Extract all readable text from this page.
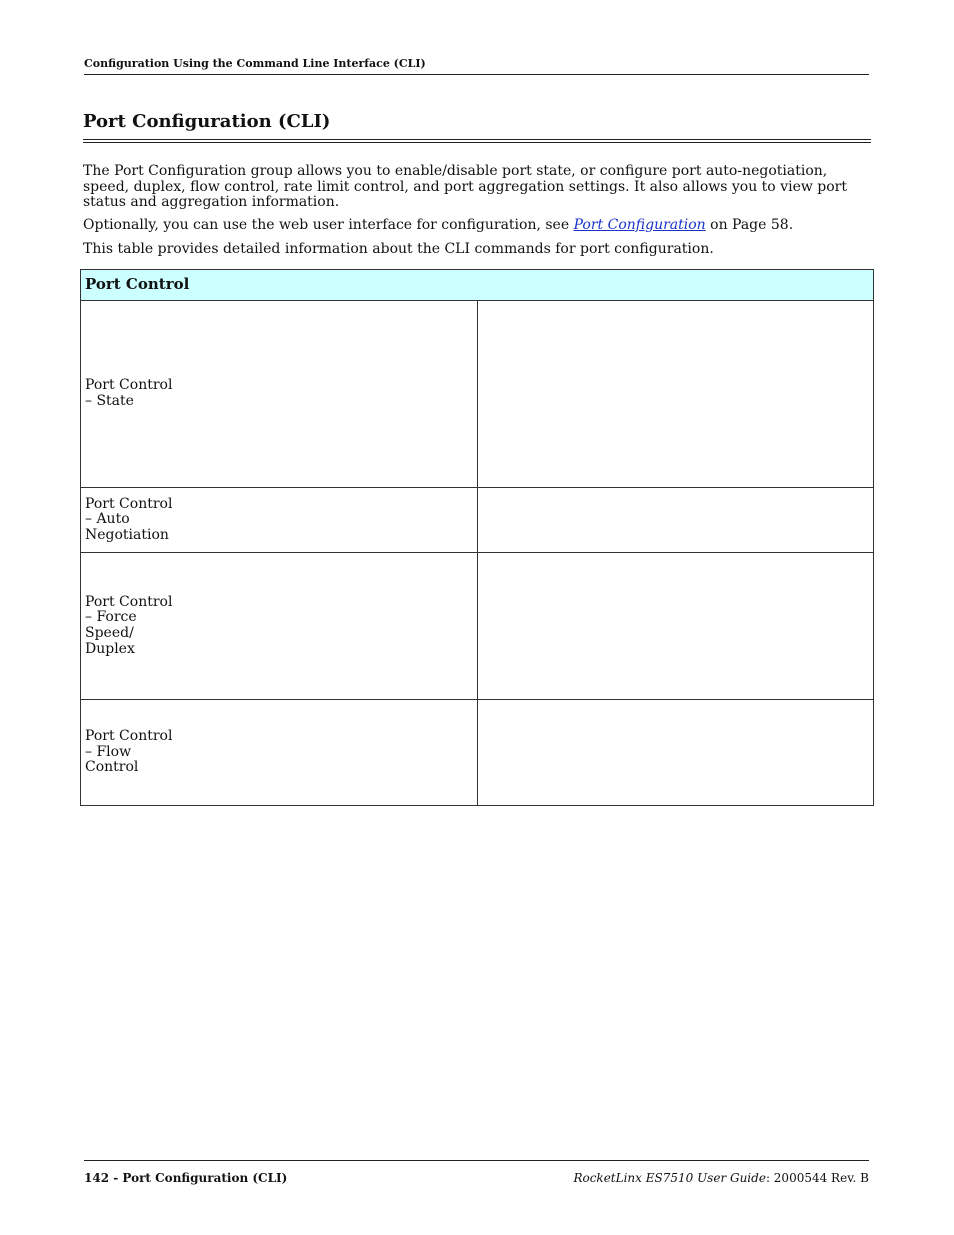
Configuration Using the Command Line Interface (CLI)
Port Configuration (CLI)

The Port Configuration group allows you to enable/disable port state, or configure port auto-negotiation, speed, duplex, flow control, rate limit control, and port aggregation settings. It also allows you to view port status and aggregation information.

Optionally, you can use the web user interface for configuration, see Port Configuration on Page 58.

This table provides detailed information about the CLI commands for port configuration.

Port Control	
Port Control
– State	
Port Control
– Auto
Negotiation	
Port Control
– Force
Speed/
Duplex	
Port Control
– Flow
Control	
142 - Port Configuration (CLI)	RocketLinx ES7510 User Guide: 2000544 Rev. B
